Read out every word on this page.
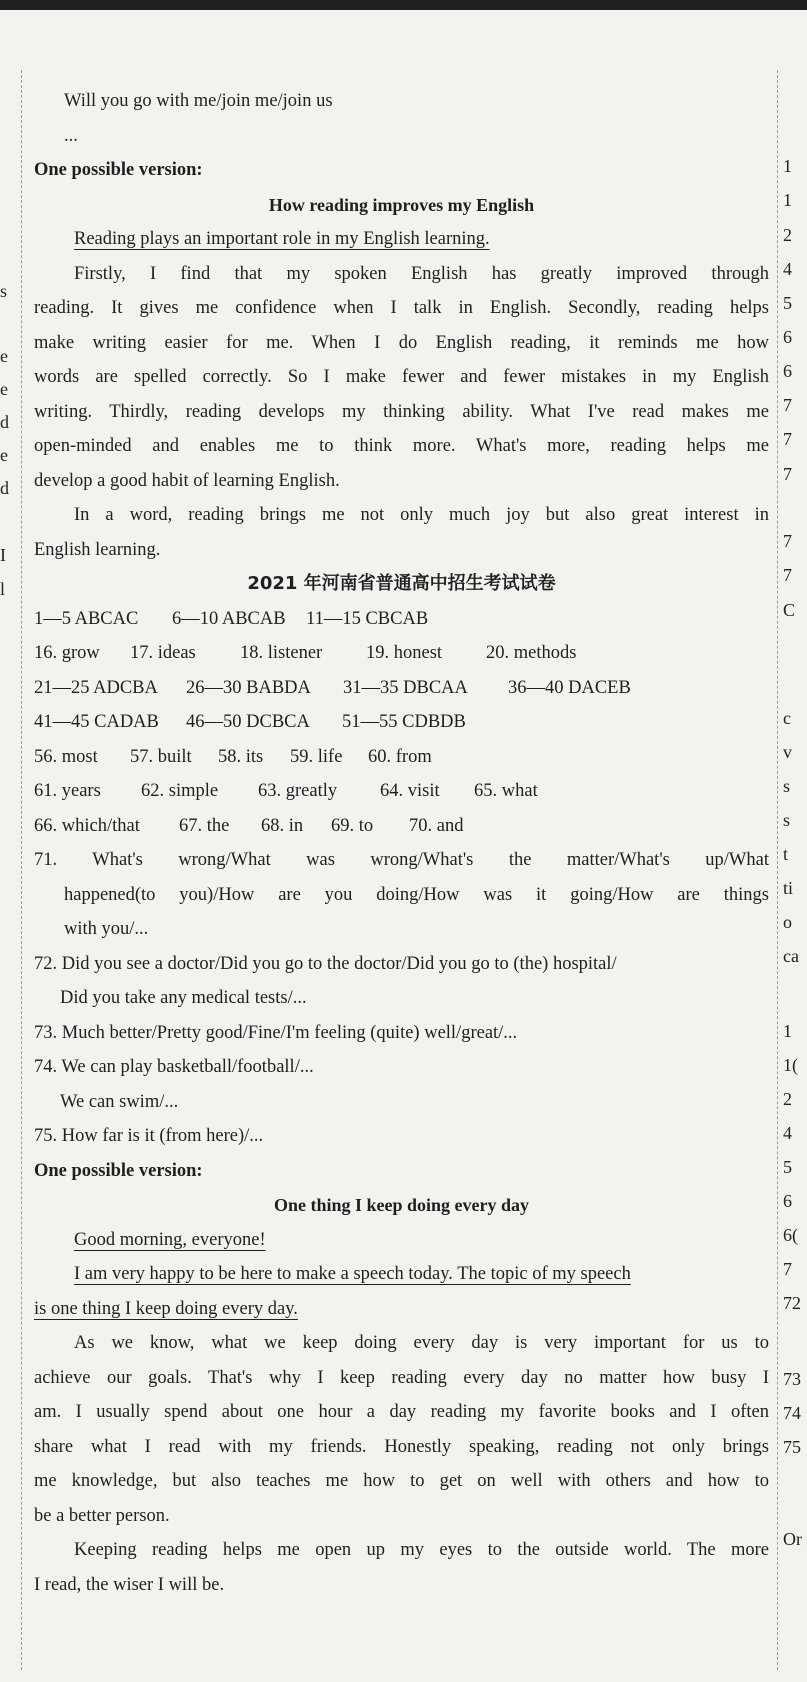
s
e
e
d
e
d
I
l
1
1
2
4
5
6
6
7
7
7
7
7
C
c
v
s
s
t
ti
o
ca
1
1(
2
4
5
6
6(
7
72
73
74
75
Or
Will you go with me/join me/join us
...
One possible version:
How reading improves my English
Reading plays an important role in my English learning.
Firstly, I find that my spoken English has greatly improved through
reading. It gives me confidence when I talk in English. Secondly, reading helps
make writing easier for me. When I do English reading, it reminds me how
words are spelled correctly. So I make fewer and fewer mistakes in my English
writing. Thirdly, reading develops my thinking ability. What I've read makes me
open-minded and enables me to think more. What's more, reading helps me
develop a good habit of learning English.
In a word, reading brings me not only much joy but also great interest in
English learning.
2021 年河南省普通高中招生考试试卷
1—5 ABCAC 6—10 ABCAB 11—15 CBCAB
16. grow 17. ideas 18. listener 19. honest 20. methods
21—25 ADCBA 26—30 BABDA 31—35 DBCAA 36—40 DACEB
41—45 CADAB 46—50 DCBCA 51—55 CDBDB
56. most 57. built 58. its 59. life 60. from
61. years 62. simple 63. greatly 64. visit 65. what
66. which/that 67. the 68. in 69. to 70. and
71. What's wrong/What was wrong/What's the matter/What's up/What
happened(to you)/How are you doing/How was it going/How are things
with you/...
72. Did you see a doctor/Did you go to the doctor/Did you go to (the) hospital/
Did you take any medical tests/...
73. Much better/Pretty good/Fine/I'm feeling (quite) well/great/...
74. We can play basketball/football/...
We can swim/...
75. How far is it (from here)/...
One possible version:
One thing I keep doing every day
Good morning, everyone!
I am very happy to be here to make a speech today. The topic of my speech
is one thing I keep doing every day.
As we know, what we keep doing every day is very important for us to
achieve our goals. That's why I keep reading every day no matter how busy I
am. I usually spend about one hour a day reading my favorite books and I often
share what I read with my friends. Honestly speaking, reading not only brings
me knowledge, but also teaches me how to get on well with others and how to
be a better person.
Keeping reading helps me open up my eyes to the outside world. The more
I read, the wiser I will be.
